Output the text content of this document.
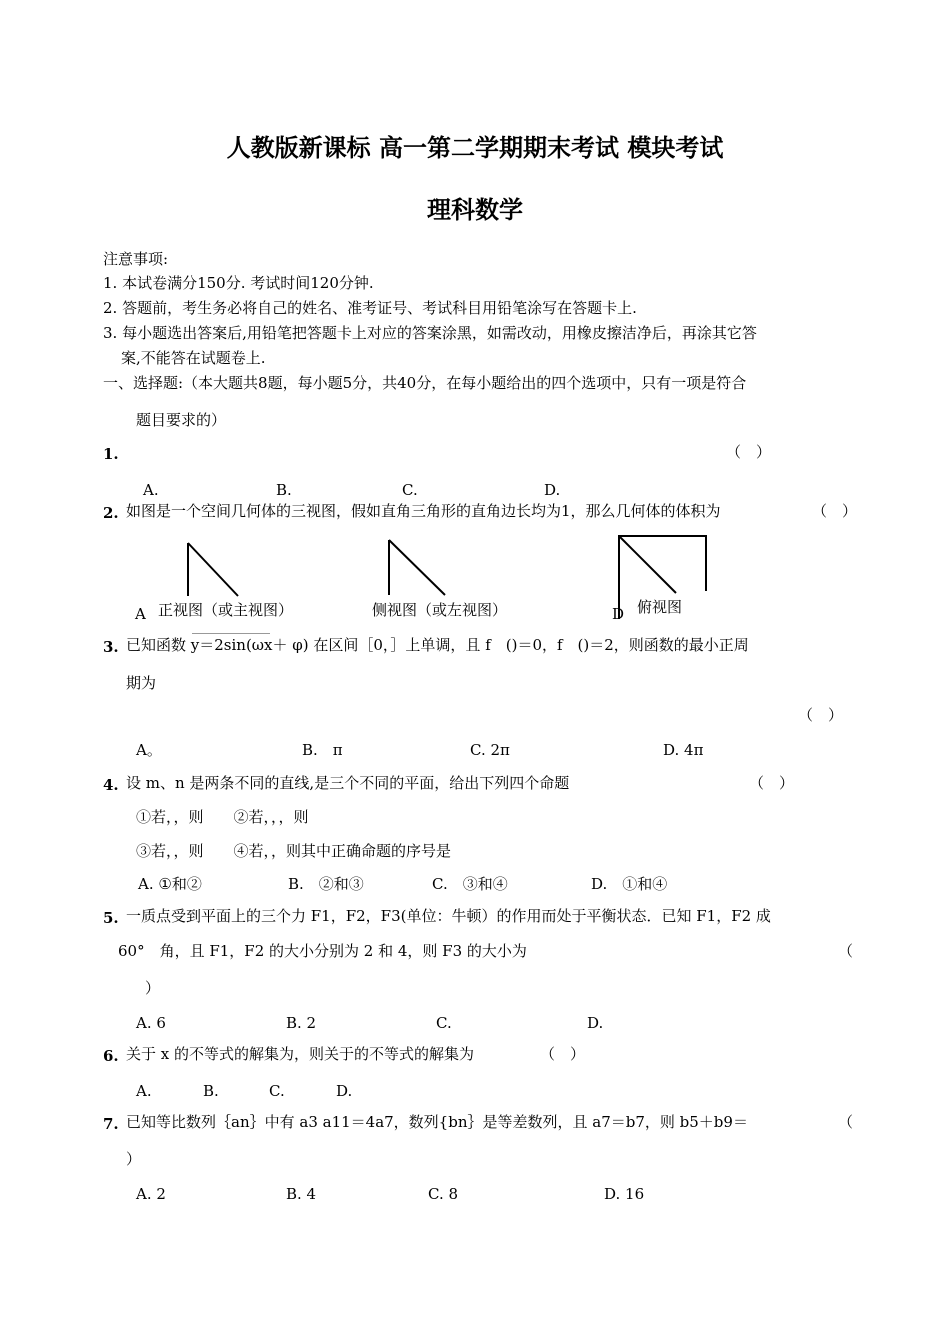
人教版新课标 高一第二学期期末考试 模块考试
理科数学
注意事项:
1. 本试卷满分150分. 考试时间120分钟.
2. 答题前，考生务必将自己的姓名、准考证号、考试科目用铅笔涂写在答题卡上.
3. 每小题选出答案后,用铅笔把答题卡上对应的答案涂黑，如需改动，用橡皮擦洁净后，再涂其它答
案,不能答在试题卷上.
一、选择题:（本大题共8题，每小题5分，共40分，在每小题给出的四个选项中，只有一项是符合
题目要求的）
1.	（　）
A.	B.	C.	D.
2. 如图是一个空间几何体的三视图，假如直角三角形的直角边长均为1，那么几何体的体积为	（　）
A 正视图（或主视图）	侧视图（或左视图）	D 俯视图
3. 已知函数 y＝2sin(ωx＋ φ) 在区间［0，］上单调，且 f　()＝0，f　()＝2，则函数的最小正周
期为
（　）
A。	B.　π	C. 2π	D. 4π
4. 设 m、n 是两条不同的直线,是三个不同的平面，给出下列四个命题	（　）
①若，，则　　②若，，，则
③若，，则　　④若，，则其中正确命题的序号是
A. ①和②	B.　②和③	C.　③和④	D.　①和④
5. 一质点受到平面上的三个力 F1，F2，F3(单位：牛顿）的作用而处于平衡状态．已知 F1，F2 成
60°　角，且 F1，F2 的大小分别为 2 和 4，则 F3 的大小为	（
）
A. 6	B. 2	C.	D.
6. 关于 x 的不等式的解集为，则关于的不等式的解集为	（　）
A.	B.	C.	D.
7. 已知等比数列｛an｝中有 a3 a11＝4a7，数列{bn｝是等差数列，且 a7＝b7，则 b5＋b9＝	（
）
A. 2	B. 4	C. 8	D. 16
